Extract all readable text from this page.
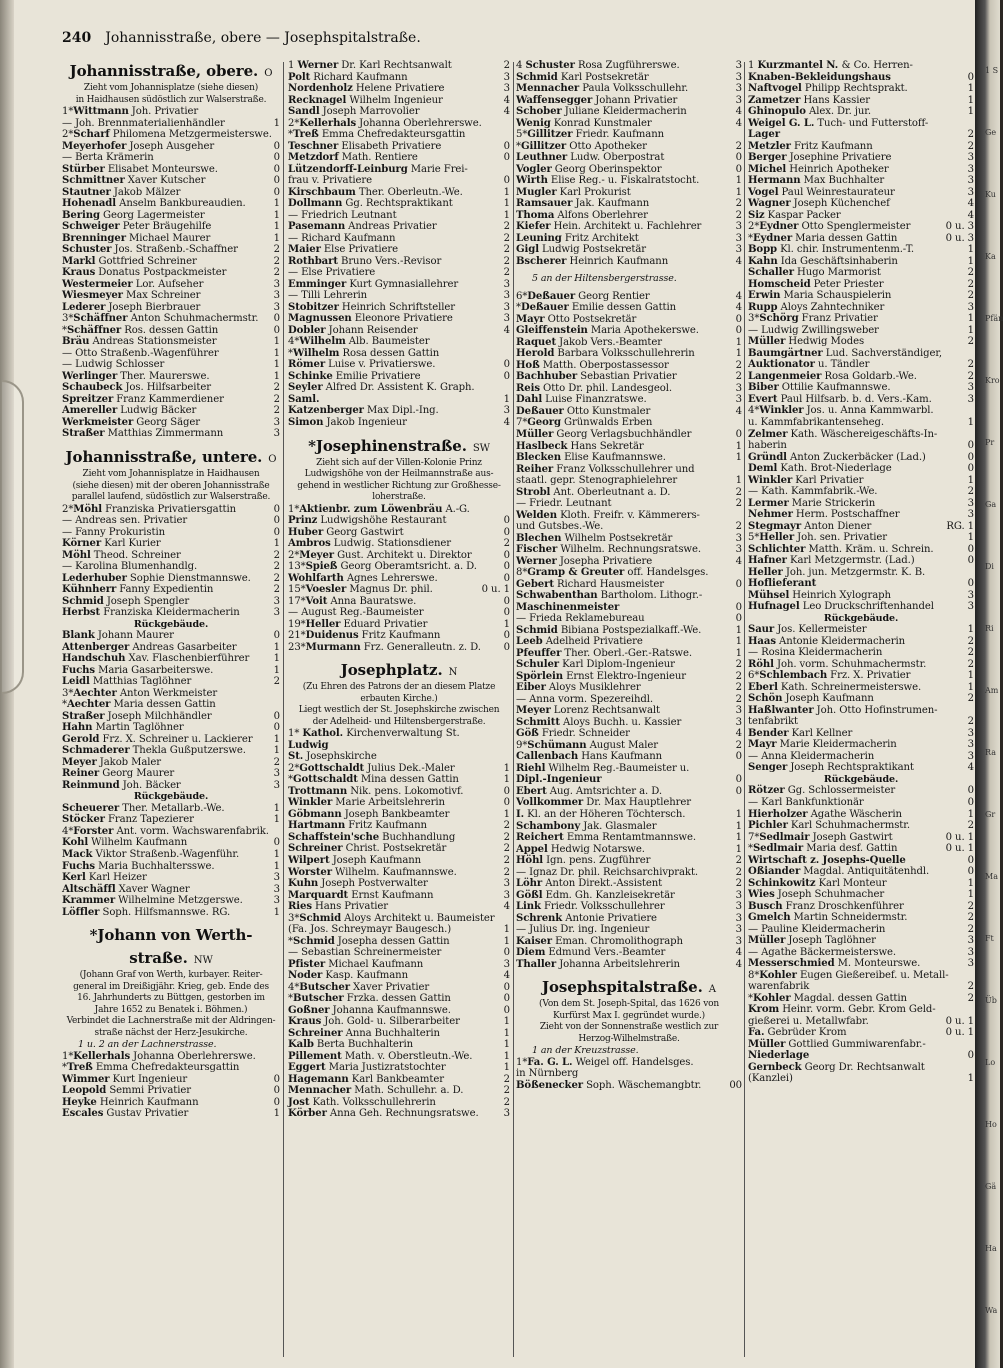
240 Johannisstraße, obere — Josephspitalstraße.
Johannisstraße, obere. O
Zieht vom Johannisplatze (siehe diesen)
in Haidhausen südöstlich zur Walserstraße.
1*Wittmann Joh. Privatier
— Joh. Brennmaterialienhändler	1
2*Scharf Philomena Metzgermeisterswe.
Meyerhofer Joseph Ausgeher	0
— Berta Krämerin	0
Stürber Elisabet Monteurswe.	0
Schmittner Xaver Kutscher	0
Stautner Jakob Mälzer	0
Hohenadl Anselm Bankbureaudien.	1
Bering Georg Lagermeister	1
Schweiger Peter Bräugehilfe	1
Brenninger Michael Maurer	1
Schuster Jos. Straßenb.-Schaffner	2
Markl Gottfried Schreiner	2
Kraus Donatus Postpackmeister	2
Westermeier Lor. Aufseher	3
Wiesmeyer Max Schreiner	3
Lederer Joseph Bierbrauer	3
3*Schäffner Anton Schuhmachermstr. 0
*Schäffner Ros. dessen Gattin	0
Bräu Andreas Stationsmeister	1
— Otto Straßenb.-Wagenführer	1
— Ludwig Schlosser	1
Werlinger Ther. Maurerswe.	1
Schaubeck Jos. Hilfsarbeiter	2
Spreitzer Franz Kammerdiener	2
Amereller Ludwig Bäcker	2
Werkmeister Georg Säger	3
Straßer Matthias Zimmermann	3
Johannisstraße, untere. O
Zieht vom Johannisplatze in Haidhausen
(siehe diesen) mit der oberen Johannisstraße
parallel laufend, südöstlich zur Walserstraße.
2*Möhl Franziska Privatiersgattin	0
— Andreas sen. Privatier	0
— Fanny Prokuristin	0
Körner Karl Kurier	1
Möhl Theod. Schreiner	2
— Karolina Blumenhandlg.	2
Lederhuber Sophie Dienstmannswe. 2
Kühnherr Fanny Expedientin	2
Schmid Joseph Spengler	3
Herbst Franziska Kleidermacherin	3
Rückgebäude.
Blank Johann Maurer	0
Attenberger Andreas Gasarbeiter	1
Handschuh Xav. Flaschenbierführer 1
Fuchs Maria Gasarbeiterswe.	1
Leidl Matthias Taglöhner	2
3*Aechter Anton Werkmeister
*Aechter Maria dessen Gattin
Straßer Joseph Milchhändler	0
Hahn Martin Taglöhner	0
Gerold Frz. X. Schreiner u. Lackierer 1
Schmaderer Thekla Gußputzerswe.	1
Meyer Jakob Maler	2
Reiner Georg Maurer	3
Reinmund Joh. Bäcker	3
Rückgebäude.
Scheuerer Ther. Metallarb.-We.	1
Stöcker Franz Tapezierer	1
4*Forster Ant. vorm. Wachswarenfabrik.
Kohl Wilhelm Kaufmann	0
Mack Viktor Straßenb.-Wagenführ.	1
Fuchs Maria Buchhaltersswe.	1
Kerl Karl Heizer	3
Altschäffl Xaver Wagner	3
Krammer Wilhelmine Metzgerswe.	3
Löffler Soph. Hilfsmannswe. RG.	1
*Johann von Werth-
straße. NW
(Johann Graf von Werth, kurbayer. Reiter-
general im Dreißigjähr. Krieg, geb. Ende des
16. Jahrhunderts zu Büttgen, gestorben im
Jahre 1652 zu Benatek i. Böhmen.)
Verbindet die Lachnerstraße mit der Aldringen-
straße nächst der Herz-Jesukirche.
1 u. 2 an der Lachnerstrasse.
1*Kellerhals Johanna Oberlehrerswe.
*Treß Emma Chefredakteursgattin
Wimmer Kurt Ingenieur	0
Leopold Semmi Privatier	0
Heyke Heinrich Kaufmann	0
Escales Gustav Privatier	1
1 Werner Dr. Karl Rechtsanwalt	2
Polt Richard Kaufmann	3
Nordenholz Helene Privatiere	3
Recknagel Wilhelm Ingenieur	4
Sandl Joseph Marrovolier	4
2*Kellerhals Johanna Oberlehrerswe.
*Treß Emma Chefredakteursgattin
Teschner Elisabeth Privatiere	0
Metzdorf Math. Rentiere	0
Lützendorff-Leinburg Marie Frei-
frau v. Privatiere	0
Kirschbaum Ther. Oberleutn.-We.	1
Dollmann Gg. Rechtspraktikant	1
— Friedrich Leutnant	1
Pasemann Andreas Privatier	2
— Richard Kaufmann	2
Maier Else Privatiere	2
Rothbart Bruno Vers.-Revisor	2
— Else Privatiere	2
Emminger Kurt Gymnasiallehrer	3
— Tilli Lehrerin	3
Stobitzer Heinrich Schriftsteller	3
Magnussen Eleonore Privatiere	3
Dobler Johann Reisender	4
4*Wilhelm Alb. Baumeister
*Wilhelm Rosa dessen Gattin
Römer Luise v. Privatierswe.	0
Schinke Emilie Privatiere	0
Seyler Alfred Dr. Assistent K. Graph.
Saml.	1
Katzenberger Max Dipl.-Ing.	3
Simon Jakob Ingenieur	4
*Josephinenstraße. SW
Zieht sich auf der Villen-Kolonie Prinz
Ludwigshöhe von der Heilmannstraße aus-
gehend in westlicher Richtung zur Großhesse-
loherstraße.
1*Aktienbr. zum Löwenbräu A.-G.
Prinz Ludwigshöhe Restaurant	0
Huber Georg Gastwirt	0
Ambros Ludwig. Stationsdiener	2
2*Meyer Gust. Architekt u. Direktor	0
13*Spieß Georg Oberamtsricht. a. D.	0
Wohlfarth Agnes Lehrerswe.	0
15*Voesler Magnus Dr. phil.	0 u. 1
17*Voit Anna Bauratswe.	0
— August Reg.-Baumeister	0
19*Heller Eduard Privatier	1
21*Duidenus Fritz Kaufmann	0
23*Murmann Frz. Generalleutn. z. D. 0
Josephplatz. N
(Zu Ehren des Patrons der an diesem Platze
erbauten Kirche.)
Liegt westlich der St. Josephskirche zwischen
der Adelheid- und Hiltensbergerstraße.
1* Kathol. Kirchenverwaltung St.
Ludwig
St. Josephskirche
2*Gottschaldt Julius Dek.-Maler	1
*Gottschaldt Mina dessen Gattin	1
Trottmann Nik. pens. Lokomotivf.	0
Winkler Marie Arbeitslehrerin	0
Göbmann Joseph Bankbeamter	1
Hartmann Fritz Kaufmann	2
Schaffstein'sche Buchhandlung	2
Schreiner Christ. Postsekretär	2
Wilpert Joseph Kaufmann	2
Worster Wilhelm. Kaufmannswe.	2
Kuhn Joseph Postverwalter	3
Marquardt Ernst Kaufmann	3
Ries Hans Privatier	4
3*Schmid Aloys Architekt u. Baumeister
(Fa. Jos. Schreymayr Baugesch.)	1
*Schmid Josepha dessen Gattin	1
— Sebastian Schreinermeister	0
Pfister Michael Kaufmann	3
Noder Kasp. Kaufmann	4
4*Butscher Xaver Privatier	0
*Butscher Frzka. dessen Gattin	0
Goßner Johanna Kaufmannswe.	0
Kraus Joh. Gold- u. Silberarbeiter	1
Schreiner Anna Buchhalterin	1
Kalb Berta Buchhalterin	1
Pillement Math. v. Oberstleutn.-We.	1
Eggert Maria Justizratstochter	1
Hagemann Karl Bankbeamter	2
Mennacher Math. Schullehr. a. D.	2
Jost Kath. Volksschullehrerin	2
Körber Anna Geh. Rechnungsratswe. 3
4 Schuster Rosa Zugführerswe.	3
Schmid Karl Postsekretär	3
Mennacher Paula Volksschullehr.	3
Waffensegger Johann Privatier	3
Schober Juliane Kleidermacherin	4
Wenig Konrad Kunstmaler	4
5*Gillitzer Friedr. Kaufmann
*Gillitzer Otto Apotheker	2
Leuthner Ludw. Oberpostrat	0
Vogler Georg Oberinspektor	0
Wirth Elise Reg.- u. Fiskalratstocht.	1
Mugler Karl Prokurist	1
Ramsauer Jak. Kaufmann	2
Thoma Alfons Oberlehrer	2
Kiefer Hein. Architekt u. Fachlehrer	3
Leuning Fritz Architekt	3
Gigl Ludwig Postsekretär	3
Bscherer Heinrich Kaufmann	4
5 an der Hiltensbergerstrasse.
6*Deßauer Georg Rentier	4
*Deßauer Emilie dessen Gattin	4
Mayr Otto Postsekretär	0
Gleiffenstein Maria Apothekerswe.	0
Raquet Jakob Vers.-Beamter	1
Herold Barbara Volksschullehrerin	1
Hoß Matth. Oberpostassessor	2
Bachhuber Sebastian Privatier	2
Reis Otto Dr. phil. Landesgeol.	3
Dahl Luise Finanzratswe.	3
Deßauer Otto Kunstmaler	4
7*Georg Grünwalds Erben
Müller Georg Verlagsbuchhändler	0
Haslbeck Hans Sekretär	1
Blecken Elise Kaufmannswe.	1
Reiher Franz Volksschullehrer und
staatl. gepr. Stenographielehrer	1
Strobl Ant. Oberleutnant a. D.	2
— Friedr. Leutnant	2
Welden Kloth. Freifr. v. Kämmerers-
und Gutsbes.-We.	2
Blechen Wilhelm Postsekretär	3
Fischer Wilhelm. Rechnungsratswe.	3
Werner Josepha Privatiere	4
8*Gramp & Greuter off. Handelsges.
Gebert Richard Hausmeister	0
Schwabenthan Bartholom. Lithogr.-
Maschinenmeister	0
— Frieda Reklamebureau	0
Schmid Bibiana Postspezialkaff.-We.	1
Leeb Adelheid Privatiere	1
Pfeuffer Ther. Oberl.-Ger.-Ratswe.	1
Schuler Karl Diplom-Ingenieur	2
Spörlein Ernst Elektro-Ingenieur	2
Eiber Aloys Musiklehrer	2
— Anna vorm. Spezereihdl.	2
Meyer Lorenz Rechtsanwalt	3
Schmitt Aloys Buchh. u. Kassier	3
Göß Friedr. Schneider	4
9*Schümann August Maler	2
Callenbach Hans Kaufmann	0
Riehl Wilhelm Reg.-Baumeister u.
Dipl.-Ingenieur	0
Ebert Aug. Amtsrichter a. D.	0
Vollkommer Dr. Max Hauptlehrer
I. Kl. an der Höheren Töchtersch.	1
Schambony Jak. Glasmaler	1
Reichert Emma Rentamtmannswe.	1
Appel Hedwig Notarswe.	1
Höhl Ign. pens. Zugführer	2
— Ignaz Dr. phil. Reichsarchivprakt.	2
Löhr Anton Direkt.-Assistent	2
Gößl Edm. Gh. Kanzleisekretär	3
Link Friedr. Volksschullehrer	3
Schrenk Antonie Privatiere	3
— Julius Dr. ing. Ingenieur	3
Kaiser Eman. Chromolithograph	3
Diem Edmund Vers.-Beamter	4
Thaller Johanna Arbeitslehrerin	4
Josephspitalstraße. A
(Von dem St. Joseph-Spital, das 1626 von
Kurfürst Max I. gegründet wurde.)
Zieht von der Sonnenstraße westlich zur
Herzog-Wilhelmstraße.
1 an der Kreuzstrasse.
1*Fa. G. L. Weigel off. Handelsges.
in Nürnberg
Bößenecker Soph. Wäschemangbtr.	00
1 Kurzmantel N. & Co. Herren-
Knaben-Bekleidungshaus	0
Naftvogel Philipp Rechtsprakt.	1
Zametzer Hans Kassier	1
Ghinopulo Alex. Dr. jur.	1
Weigel G. L. Tuch- und Futterstoff-
Lager	2
Metzler Fritz Kaufmann	2
Berger Josephine Privatiere	3
Michel Heinrich Apotheker	3
Hermann Max Buchhalter	3
Vogel Paul Weinrestaurateur	3
Wagner Joseph Küchenchef	4
Siz Kaspar Packer	4
2*Eydner Otto Spenglermeister	0 u. 3
*Eydner Maria dessen Gattin	0 u. 3
Bopp Kl. chir. Instrumentenm.-T.	1
Kahn Ida Geschäftsinhaberin	1
Schaller Hugo Marmorist	2
Homscheid Peter Priester	2
Erwin Maria Schauspielerin	2
Rupp Aloys Zahntechniker	3
3*Schörg Franz Privatier	1
— Ludwig Zwillingsweber	1
Müller Hedwig Modes	2
Baumgärtner Lud. Sachverständiger,
Auktionator u. Tändler	2
Langenmeier Rosa Goldarb.-We.	2
Biber Ottilie Kaufmannswe.	3
Evert Paul Hilfsarb. b. d. Vers.-Kam.	3
4*Winkler Jos. u. Anna Kammwarbl.
u. Kammfabrikantenseheg.	1
Zelmer Kath. Wäschereigeschäfts-In-
haberin	0
Gründl Anton Zuckerbäcker (Lad.)	0
Deml Kath. Brot-Niederlage	0
Winkler Karl Privatier	1
— Kath. Kammfabrik.-We.	2
Lermer Marie Strickerin	3
Nehmer Herm. Postschaffner	3
Stegmayr Anton Diener	RG. 1
5*Heller Joh. sen. Privatier	1
Schlichter Matth. Kräm. u. Schrein.	0
Hafner Karl Metzgermstr. (Lad.)	0
Heller Joh. jun. Metzgermstr. K. B.
Hoflieferant	0
Mühsel Heinrich Xylograph	3
Hufnagel Leo Druckschriftenhandel	3
Rückgebäude.
Saur Jos. Kellermeister	1
Haas Antonie Kleidermacherin	2
— Rosina Kleidermacherin	2
Röhl Joh. vorm. Schuhmachermstr.	2
6*Schlembach Frz. X. Privatier	1
Eberl Kath. Schreinermeisterswe.	1
Schön Joseph Kaufmann	2
Haßlwanter Joh. Otto Hofinstrumen-
tenfabrikt	2
Bender Karl Kellner	3
Mayr Marie Kleidermacherin	3
— Anna Kleidermacherin	3
Senger Joseph Rechtspraktikant	4
Rückgebäude.
Rötzer Gg. Schlossermeister	0
— Karl Bankfunktionär	0
Hierholzer Agathe Wäscherin	1
Pichler Karl Schuhmachermstr.	2
7*Sedlmair Joseph Gastwirt	0 u. 1
*Sedlmair Maria desf. Gattin	0 u. 1
Wirtschaft z. Josephs-Quelle	0
Oßiander Magdal. Antiquitätenhdl.	0
Schinkowitz Karl Monteur	1
Wies Joseph Schuhmacher	1
Busch Franz Droschkenführer	2
Gmelch Martin Schneidermstr.	2
— Pauline Kleidermacherin	2
Müller Joseph Taglöhner	3
— Agathe Bäckermeisterswe.	3
Messerschmied M. Monteurswe.	3
8*Kohler Eugen Gießereibef. u. Metall-
warenfabrik	2
*Kohler Magdal. dessen Gattin	2
Krom Heinr. vorm. Gebr. Krom Geld-
gießerei u. Metallwfabr.	0 u. 1
Fa. Gebrüder Krom	0 u. 1
Müller Gottlied Gummiwarenfabr.-
Niederlage	0
Gernbeck Georg Dr. Rechtsanwalt
(Kanzlei)	1
1 S
Ge
Ku
Ka
Pfän
Kro
Pr
Ga
Di
Ri
Am
Ra
Gr
Ma
Ft
Üb
Lo
Ho
Gä
Ha
Wa
